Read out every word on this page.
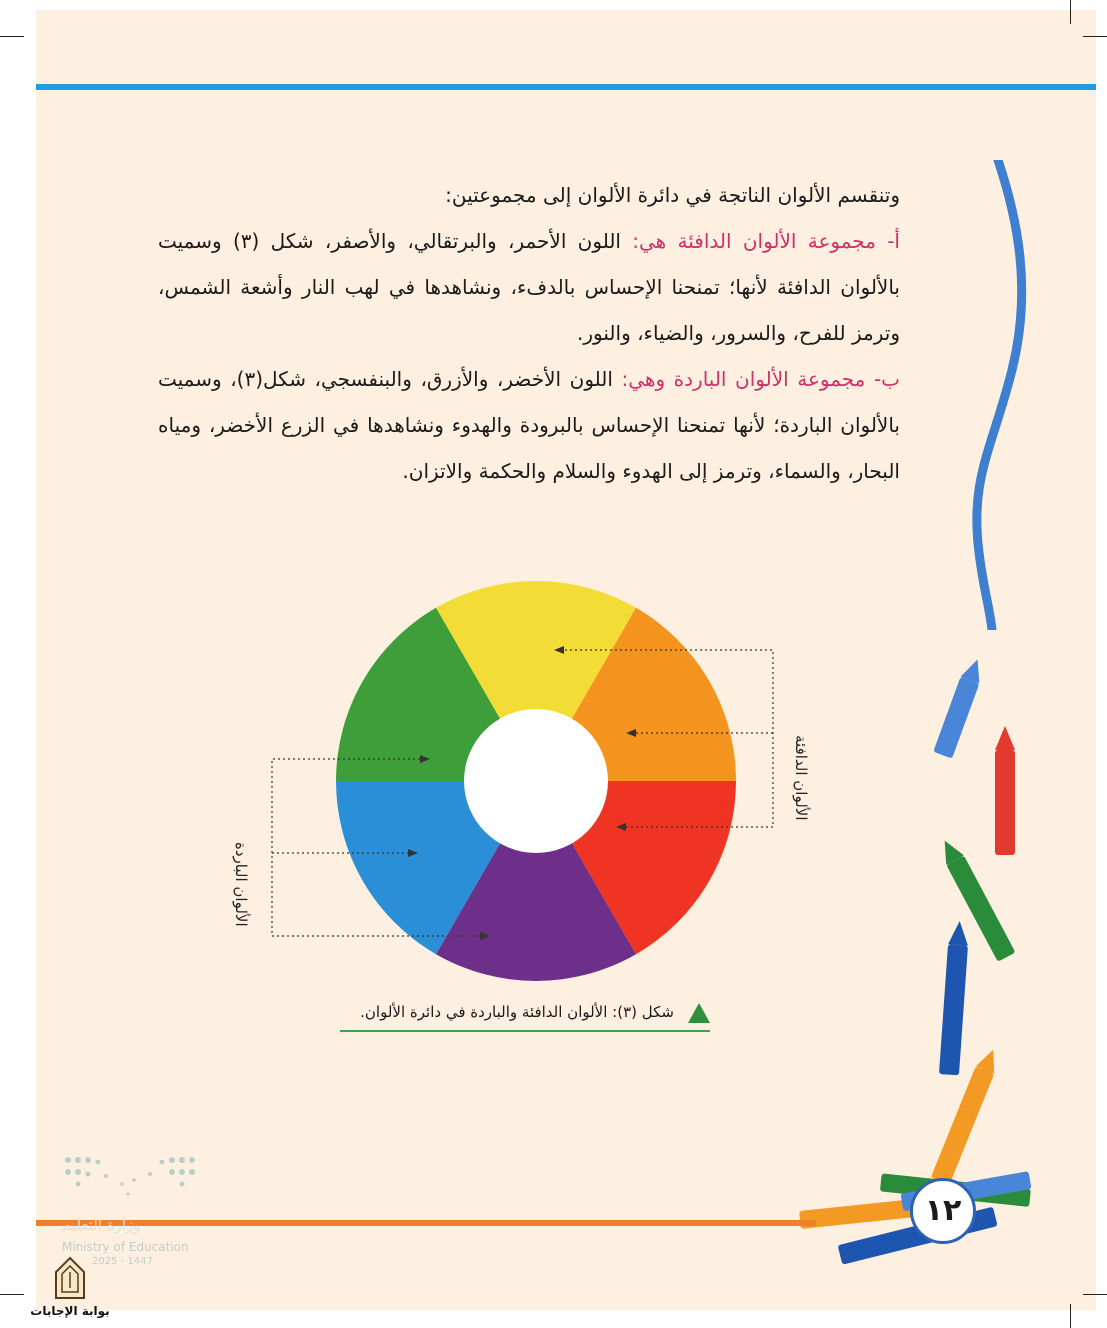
وتنقسم الألوان الناتجة في دائرة الألوان إلى مجموعتين:

أ- مجموعة الألوان الدافئة هي: اللون الأحمر، والبرتقالي، والأصفر، شكل (٣) وسميت بالألوان الدافئة لأنها؛ تمنحنا الإحساس بالدفء، ونشاهدها في لهب النار وأشعة الشمس، وترمز للفرح، والسرور، والضياء، والنور.

ب- مجموعة الألوان الباردة وهي: اللون الأخضر، والأزرق، والبنفسجي، شكل(٣)، وسميت بالألوان الباردة؛ لأنها تمنحنا الإحساس بالبرودة والهدوء ونشاهدها في الزرع الأخضر، ومياه البحار، والسماء، وترمز إلى الهدوء والسلام والحكمة والاتزان.

الألوان الدافئة
الألوان الباردة
شكل (٣): الألوان الدافئة والباردة في دائرة الألوان.
١٢
وزارة التعليم
Ministry of Education
2025 - 1447
بوابة الإجابات
